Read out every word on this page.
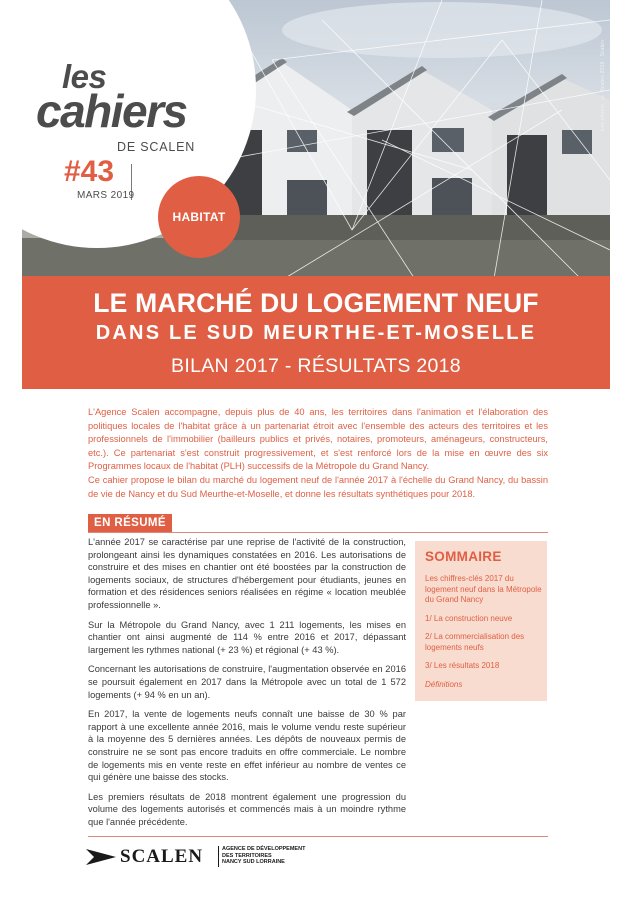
Les photos : © Scalen 2019 · Scalen
les
cahiers
DE SCALEN
#43
MARS 2019
HABITAT
LE MARCHÉ DU LOGEMENT NEUF
DANS LE SUD MEURTHE-ET-MOSELLE
BILAN 2017 - RÉSULTATS 2018

L'Agence Scalen accompagne, depuis plus de 40 ans, les territoires dans l'animation et l'élaboration des politiques locales de l'habitat grâce à un partenariat étroit avec l'ensemble des acteurs des territoires et les professionnels de l'immobilier (bailleurs publics et privés, notaires, promoteurs, aménageurs, constructeurs, etc.). Ce partenariat s'est construit progressivement, et s'est renforcé lors de la mise en œuvre des six Programmes locaux de l'habitat (PLH) successifs de la Métropole du Grand Nancy.

Ce cahier propose le bilan du marché du logement neuf de l'année 2017 à l'échelle du Grand Nancy, du bassin de vie de Nancy et du Sud Meurthe-et-Moselle, et donne les résultats synthétiques pour 2018.

EN RÉSUMÉ

L'année 2017 se caractérise par une reprise de l'activité de la construction, prolongeant ainsi les dynamiques constatées en 2016. Les autorisations de construire et des mises en chantier ont été boostées par la construction de logements sociaux, de structures d'hébergement pour étudiants, jeunes en formation et des résidences seniors réalisées en régime « location meublée professionnelle ».

Sur la Métropole du Grand Nancy, avec 1 211 logements, les mises en chantier ont ainsi augmenté de 114 % entre 2016 et 2017, dépassant largement les rythmes national (+ 23 %) et régional (+ 43 %).

Concernant les autorisations de construire, l'augmentation observée en 2016 se poursuit également en 2017 dans la Métropole avec un total de 1 572 logements (+ 94 % en un an).

En 2017, la vente de logements neufs connaît une baisse de 30 % par rapport à une excellente année 2016, mais le volume vendu reste supérieur à la moyenne des 5 dernières années. Les dépôts de nouveaux permis de construire ne se sont pas encore traduits en offre commerciale. Le nombre de logements mis en vente reste en effet inférieur au nombre de ventes ce qui génère une baisse des stocks.

Les premiers résultats de 2018 montrent également une progression du volume des logements autorisés et commencés mais à un moindre rythme que l'année précédente.

SOMMAIRE
Les chiffres-clés 2017 du logement neuf dans la Métropole du Grand Nancy
1/ La construction neuve
2/ La commercialisation des logements neufs
3/ Les résultats 2018
Définitions
SCALEN	AGENCE DE DÉVELOPPEMENT
DES TERRITOIRES
NANCY SUD LORRAINE
